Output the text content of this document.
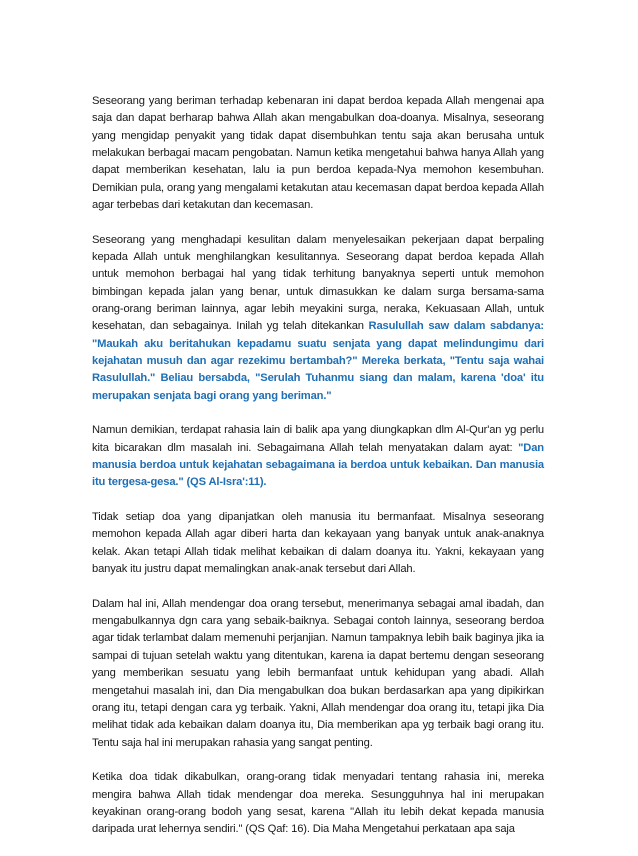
Seseorang yang beriman terhadap kebenaran ini dapat berdoa kepada Allah mengenai apa saja dan dapat berharap bahwa Allah akan mengabulkan doa-doanya. Misalnya, seseorang yang mengidap penyakit yang tidak dapat disembuhkan tentu saja akan berusaha untuk melakukan berbagai macam pengobatan. Namun ketika mengetahui bahwa hanya Allah yang dapat memberikan kesehatan, lalu ia pun berdoa kepada-Nya memohon kesembuhan. Demikian pula, orang yang mengalami ketakutan atau kecemasan dapat berdoa kepada Allah agar terbebas dari ketakutan dan kecemasan.

Seseorang yang menghadapi kesulitan dalam menyelesaikan pekerjaan dapat berpaling kepada Allah untuk menghilangkan kesulitannya. Seseorang dapat berdoa kepada Allah untuk memohon berbagai hal yang tidak terhitung banyaknya seperti untuk memohon bimbingan kepada jalan yang benar, untuk dimasukkan ke dalam surga bersama-sama orang-orang beriman lainnya, agar lebih meyakini surga, neraka, Kekuasaan Allah, untuk kesehatan, dan sebagainya. Inilah yg telah ditekankan Rasulullah saw dalam sabdanya: "Maukah aku beritahukan kepadamu suatu senjata yang dapat melindungimu dari kejahatan musuh dan agar rezekimu bertambah?" Mereka berkata, "Tentu saja wahai Rasulullah." Beliau bersabda, "Serulah Tuhanmu siang dan malam, karena 'doa' itu merupakan senjata bagi orang yang beriman."

Namun demikian, terdapat rahasia lain di balik apa yang diungkapkan dlm Al-Qur'an yg perlu kita bicarakan dlm masalah ini. Sebagaimana Allah telah menyatakan dalam ayat: "Dan manusia berdoa untuk kejahatan sebagaimana ia berdoa untuk kebaikan. Dan manusia itu tergesa-gesa." (QS Al-Isra':11).

Tidak setiap doa yang dipanjatkan oleh manusia itu bermanfaat. Misalnya seseorang memohon kepada Allah agar diberi harta dan kekayaan yang banyak untuk anak-anaknya kelak. Akan tetapi Allah tidak melihat kebaikan di dalam doanya itu. Yakni, kekayaan yang banyak itu justru dapat memalingkan anak-anak tersebut dari Allah.

Dalam hal ini, Allah mendengar doa orang tersebut, menerimanya sebagai amal ibadah, dan mengabulkannya dgn cara yang sebaik-baiknya. Sebagai contoh lainnya, seseorang berdoa agar tidak terlambat dalam memenuhi perjanjian. Namun tampaknya lebih baik baginya jika ia sampai di tujuan setelah waktu yang ditentukan, karena ia dapat bertemu dengan seseorang yang memberikan sesuatu yang lebih bermanfaat untuk kehidupan yang abadi. Allah mengetahui masalah ini, dan Dia mengabulkan doa bukan berdasarkan apa yang dipikirkan orang itu, tetapi dengan cara yg terbaik. Yakni, Allah mendengar doa orang itu, tetapi jika Dia melihat tidak ada kebaikan dalam doanya itu, Dia memberikan apa yg terbaik bagi orang itu. Tentu saja hal ini merupakan rahasia yang sangat penting.

Ketika doa tidak dikabulkan, orang-orang tidak menyadari tentang rahasia ini, mereka mengira bahwa Allah tidak mendengar doa mereka. Sesungguhnya hal ini merupakan keyakinan orang-orang bodoh yang sesat, karena "Allah itu lebih dekat kepada manusia daripada urat lehernya sendiri." (QS Qaf: 16). Dia Maha Mengetahui perkataan apa saja
